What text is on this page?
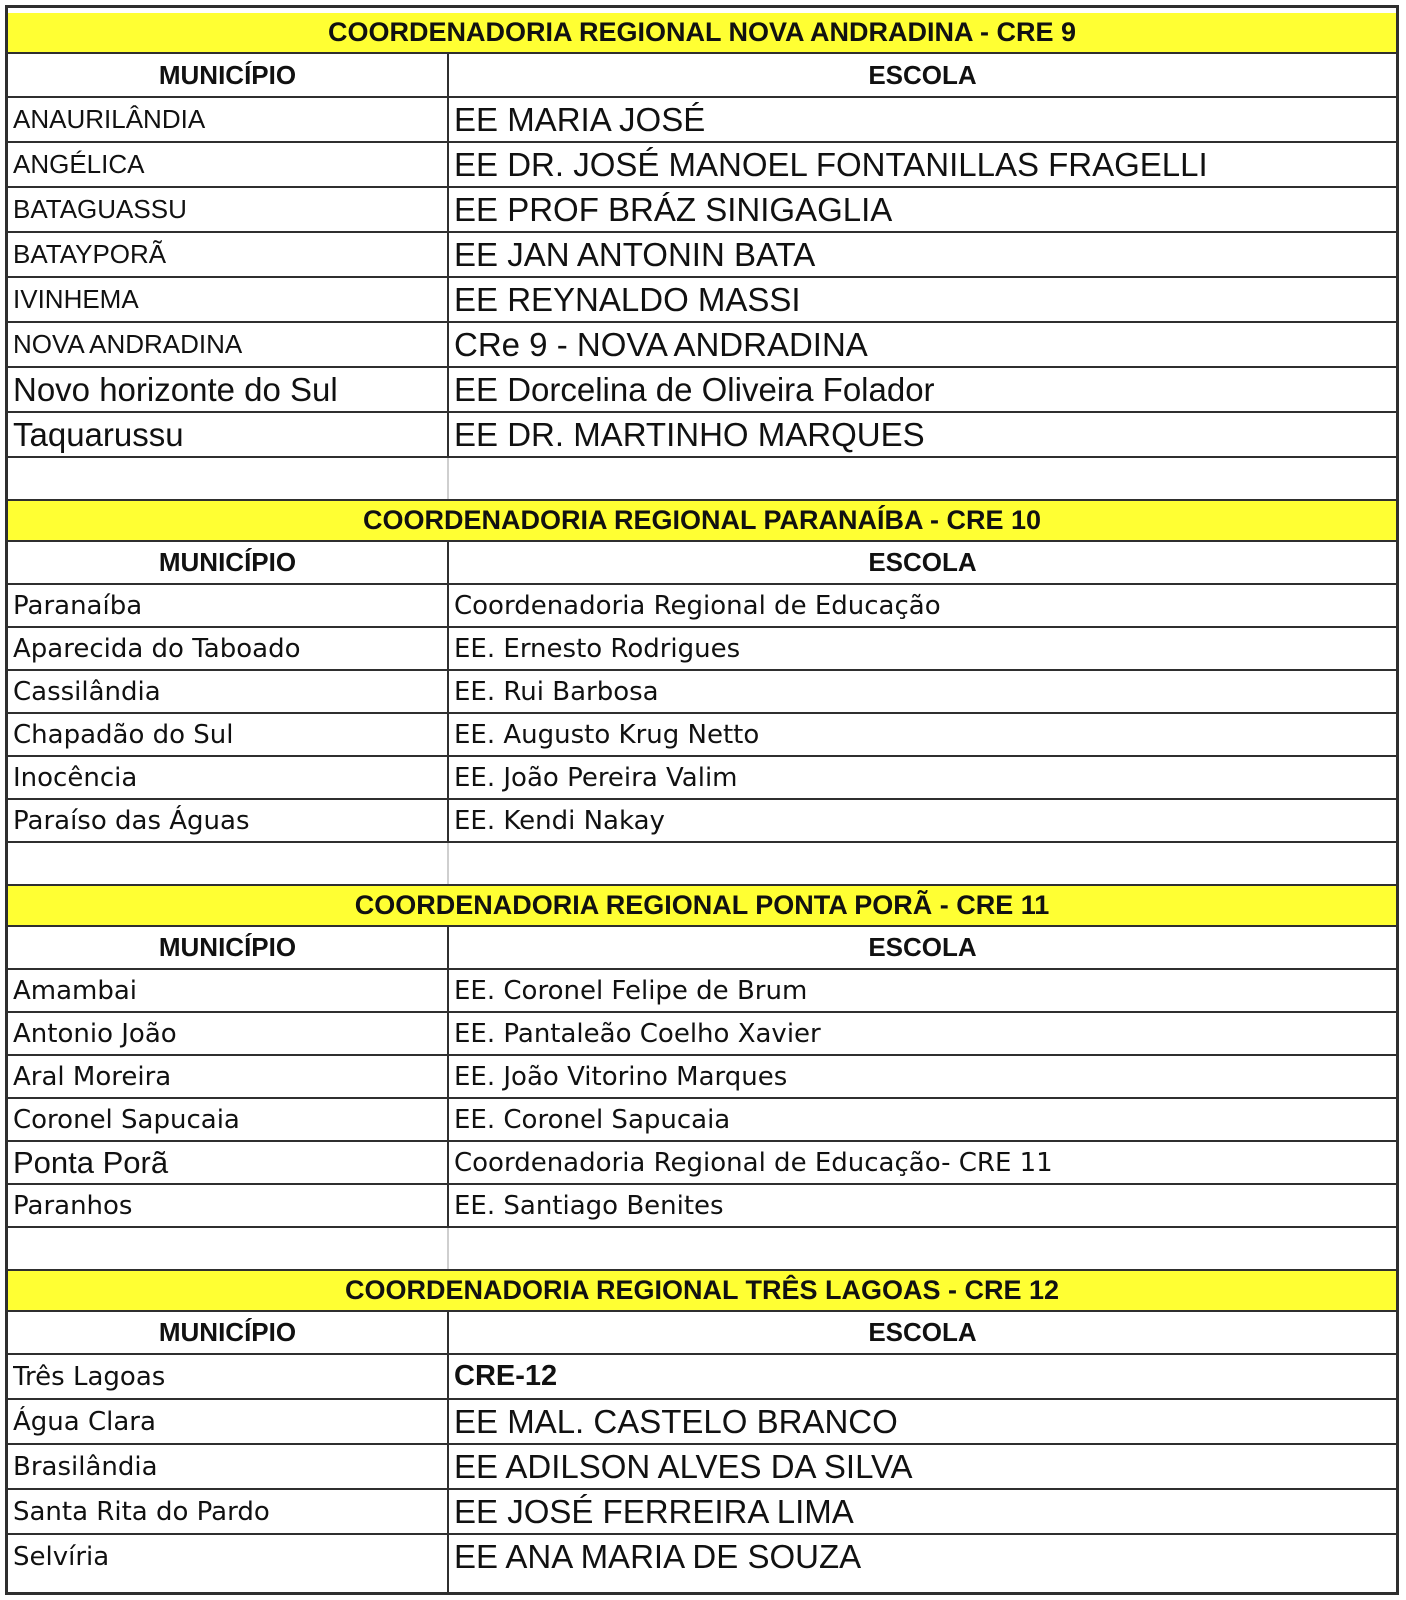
COORDENADORIA REGIONAL NOVA ANDRADINA - CRE 9
MUNICÍPIO	ESCOLA
ANAURILÂNDIA	EE MARIA JOSÉ
ANGÉLICA	EE DR. JOSÉ MANOEL FONTANILLAS FRAGELLI
BATAGUASSU	EE PROF BRÁZ SINIGAGLIA
BATAYPORÃ	EE JAN ANTONIN BATA
IVINHEMA	EE REYNALDO MASSI
NOVA ANDRADINA	CRe 9 - NOVA ANDRADINA
Novo horizonte do Sul	EE Dorcelina de Oliveira Folador
Taquarussu	EE DR. MARTINHO MARQUES
COORDENADORIA REGIONAL PARANAÍBA - CRE 10
MUNICÍPIO	ESCOLA
Paranaíba	Coordenadoria Regional de Educação
Aparecida do Taboado	EE. Ernesto Rodrigues
Cassilândia	EE. Rui Barbosa
Chapadão do Sul	EE. Augusto Krug Netto
Inocência	EE. João Pereira Valim
Paraíso das Águas	EE. Kendi Nakay
COORDENADORIA REGIONAL PONTA PORÃ - CRE 11
MUNICÍPIO	ESCOLA
Amambai	EE. Coronel Felipe de Brum
Antonio João	EE. Pantaleão Coelho Xavier
Aral Moreira	EE. João Vitorino Marques
Coronel Sapucaia	EE. Coronel Sapucaia
Ponta Porã	Coordenadoria Regional de Educação- CRE 11
Paranhos	EE. Santiago Benites
COORDENADORIA REGIONAL TRÊS LAGOAS - CRE 12
MUNICÍPIO	ESCOLA
Três Lagoas	CRE-12
Água Clara	EE MAL. CASTELO BRANCO
Brasilândia	EE ADILSON ALVES DA SILVA
Santa Rita do Pardo	EE JOSÉ FERREIRA LIMA
Selvíria	EE ANA MARIA DE SOUZA
